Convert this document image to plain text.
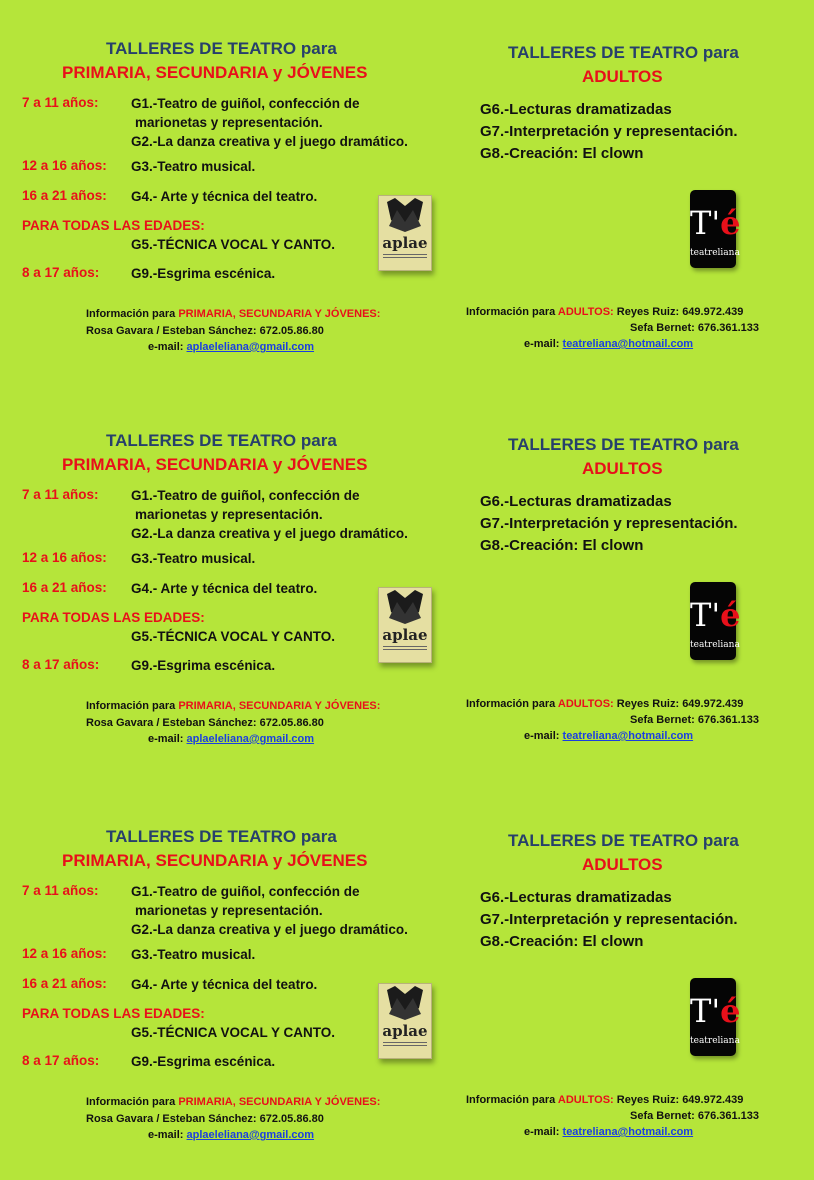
TALLERES DE TEATRO para
PRIMARIA, SECUNDARIA y JÓVENES
7 a 11 años: G1.-Teatro de guiñol, confección de
marionetas y representación.
G2.-La danza creativa y el juego dramático.
12 a 16 años: G3.-Teatro musical.
16 a 21 años: G4.- Arte y técnica del teatro.
PARA TODAS LAS EDADES:
G5.-TÉCNICA VOCAL Y CANTO.
8 a 17 años: G9.-Esgrima escénica.
aplae
Información para PRIMARIA, SECUNDARIA Y JÓVENES:
Rosa Gavara / Esteban Sánchez: 672.05.86.80
e-mail: aplaeleliana@gmail.com
TALLERES DE TEATRO para
ADULTOS
G6.-Lecturas dramatizadas
G7.-Interpretación y representación.
G8.-Creación: El clown
T'é
teatreliana
Información para ADULTOS: Reyes Ruiz: 649.972.439
Sefa Bernet: 676.361.133
e-mail: teatreliana@hotmail.com
TALLERES DE TEATRO para
PRIMARIA, SECUNDARIA y JÓVENES
7 a 11 años: G1.-Teatro de guiñol, confección de
marionetas y representación.
G2.-La danza creativa y el juego dramático.
12 a 16 años: G3.-Teatro musical.
16 a 21 años: G4.- Arte y técnica del teatro.
PARA TODAS LAS EDADES:
G5.-TÉCNICA VOCAL Y CANTO.
8 a 17 años: G9.-Esgrima escénica.
aplae
Información para PRIMARIA, SECUNDARIA Y JÓVENES:
Rosa Gavara / Esteban Sánchez: 672.05.86.80
e-mail: aplaeleliana@gmail.com
TALLERES DE TEATRO para
ADULTOS
G6.-Lecturas dramatizadas
G7.-Interpretación y representación.
G8.-Creación: El clown
T'é
teatreliana
Información para ADULTOS: Reyes Ruiz: 649.972.439
Sefa Bernet: 676.361.133
e-mail: teatreliana@hotmail.com
TALLERES DE TEATRO para
PRIMARIA, SECUNDARIA y JÓVENES
7 a 11 años: G1.-Teatro de guiñol, confección de
marionetas y representación.
G2.-La danza creativa y el juego dramático.
12 a 16 años: G3.-Teatro musical.
16 a 21 años: G4.- Arte y técnica del teatro.
PARA TODAS LAS EDADES:
G5.-TÉCNICA VOCAL Y CANTO.
8 a 17 años: G9.-Esgrima escénica.
aplae
Información para PRIMARIA, SECUNDARIA Y JÓVENES:
Rosa Gavara / Esteban Sánchez: 672.05.86.80
e-mail: aplaeleliana@gmail.com
TALLERES DE TEATRO para
ADULTOS
G6.-Lecturas dramatizadas
G7.-Interpretación y representación.
G8.-Creación: El clown
T'é
teatreliana
Información para ADULTOS: Reyes Ruiz: 649.972.439
Sefa Bernet: 676.361.133
e-mail: teatreliana@hotmail.com
